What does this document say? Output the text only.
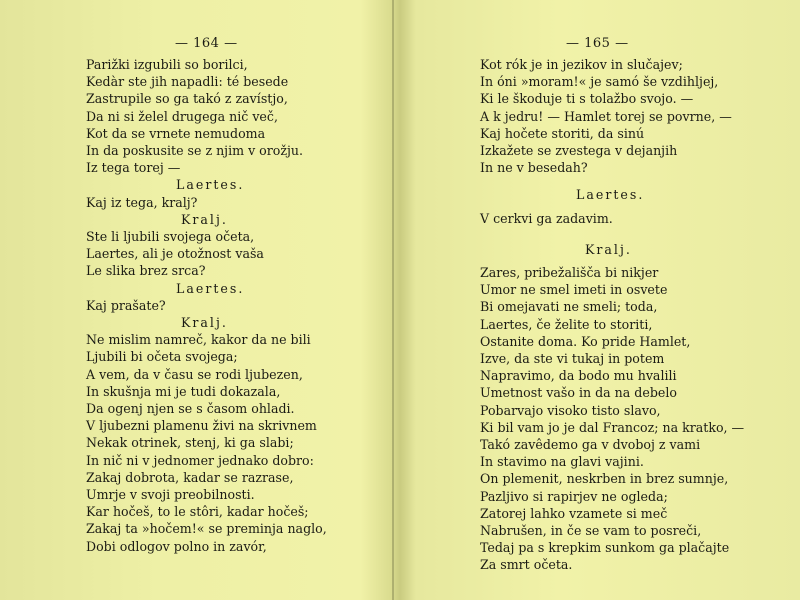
— 164 —
Parižki izgubili so borilci,
Kedàr ste jih napadli: té besede
Zastrupile so ga takó z zavístjo,
Da ni si želel drugega nič več,
Kot da se vrnete nemudoma
In da poskusite se z njim v orožju.
Iz tega torej —
Laertes.
Kaj iz tega, kralj?
Kralj.
Ste li ljubili svojega očeta,
Laertes, ali je otožnost vaša
Le slika brez srca?
Laertes.
Kaj prašate?
Kralj.
Ne mislim namreč, kakor da ne bili
Ljubili bi očeta svojega;
A vem, da v času se rodi ljubezen,
In skušnja mi je tudi dokazala,
Da ogenj njen se s časom ohladi.
V ljubezni plamenu živi na skrivnem
Nekak otrinek, stenj, ki ga slabi;
In nič ni v jednomer jednako dobro:
Zakaj dobrota, kadar se razrase,
Umrje v svoji preobilnosti.
Kar hočeš, to le stôri, kadar hočeš;
Zakaj ta »hočem!« se preminja naglo,
Dobi odlogov polno in zavór,
— 165 —
Kot rók je in jezikov in slučajev;
In óni »moram!« je samó še vzdihljej,
Ki le škoduje ti s tolažbo svojo. —
A k jedru! — Hamlet torej se povrne, —
Kaj hočete storiti, da sinú
Izkažete se zvestega v dejanjih
In ne v besedah?
Laertes.
V cerkvi ga zadavim.
Kralj.
Zares, pribežališča bi nikjer
Umor ne smel imeti in osvete
Bi omejavati ne smeli; toda,
Laertes, če želite to storiti,
Ostanite doma. Ko pride Hamlet,
Izve, da ste vi tukaj in potem
Napravimo, da bodo mu hvalili
Umetnost vašo in da na debelo
Pobarvajo visoko tisto slavo,
Ki bil vam jo je dal Francoz; na kratko, —
Takó zavêdemo ga v dvoboj z vami
In stavimo na glavi vajini.
On plemenit, neskrben in brez sumnje,
Pazljivo si rapirjev ne ogleda;
Zatorej lahko vzamete si meč
Nabrušen, in če se vam to posreči,
Tedaj pa s krepkim sunkom ga plačajte
Za smrt očeta.
